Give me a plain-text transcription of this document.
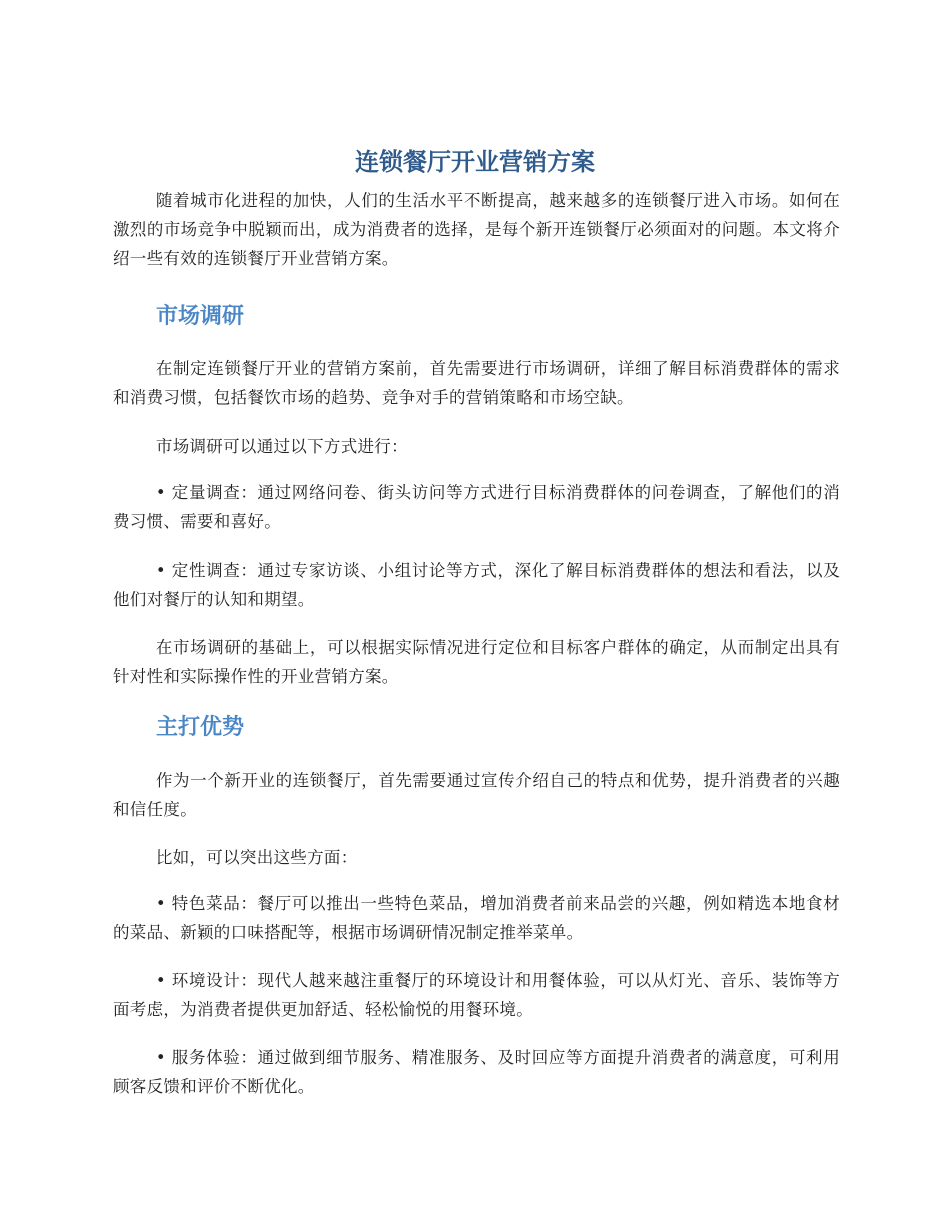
连锁餐厅开业营销方案

随着城市化进程的加快，人们的生活水平不断提高，越来越多的连锁餐厅进入市场。如何在激烈的市场竞争中脱颖而出，成为消费者的选择，是每个新开连锁餐厅必须面对的问题。本文将介绍一些有效的连锁餐厅开业营销方案。

市场调研

在制定连锁餐厅开业的营销方案前，首先需要进行市场调研，详细了解目标消费群体的需求和消费习惯，包括餐饮市场的趋势、竞争对手的营销策略和市场空缺。

市场调研可以通过以下方式进行：

• 定量调查：通过网络问卷、街头访问等方式进行目标消费群体的问卷调查，了解他们的消费习惯、需要和喜好。

• 定性调查：通过专家访谈、小组讨论等方式，深化了解目标消费群体的想法和看法，以及他们对餐厅的认知和期望。

在市场调研的基础上，可以根据实际情况进行定位和目标客户群体的确定，从而制定出具有针对性和实际操作性的开业营销方案。

主打优势

作为一个新开业的连锁餐厅，首先需要通过宣传介绍自己的特点和优势，提升消费者的兴趣和信任度。

比如，可以突出这些方面：

• 特色菜品：餐厅可以推出一些特色菜品，增加消费者前来品尝的兴趣，例如精选本地食材的菜品、新颖的口味搭配等，根据市场调研情况制定推举菜单。

• 环境设计：现代人越来越注重餐厅的环境设计和用餐体验，可以从灯光、音乐、装饰等方面考虑，为消费者提供更加舒适、轻松愉悦的用餐环境。

• 服务体验：通过做到细节服务、精准服务、及时回应等方面提升消费者的满意度，可利用顾客反馈和评价不断优化。
